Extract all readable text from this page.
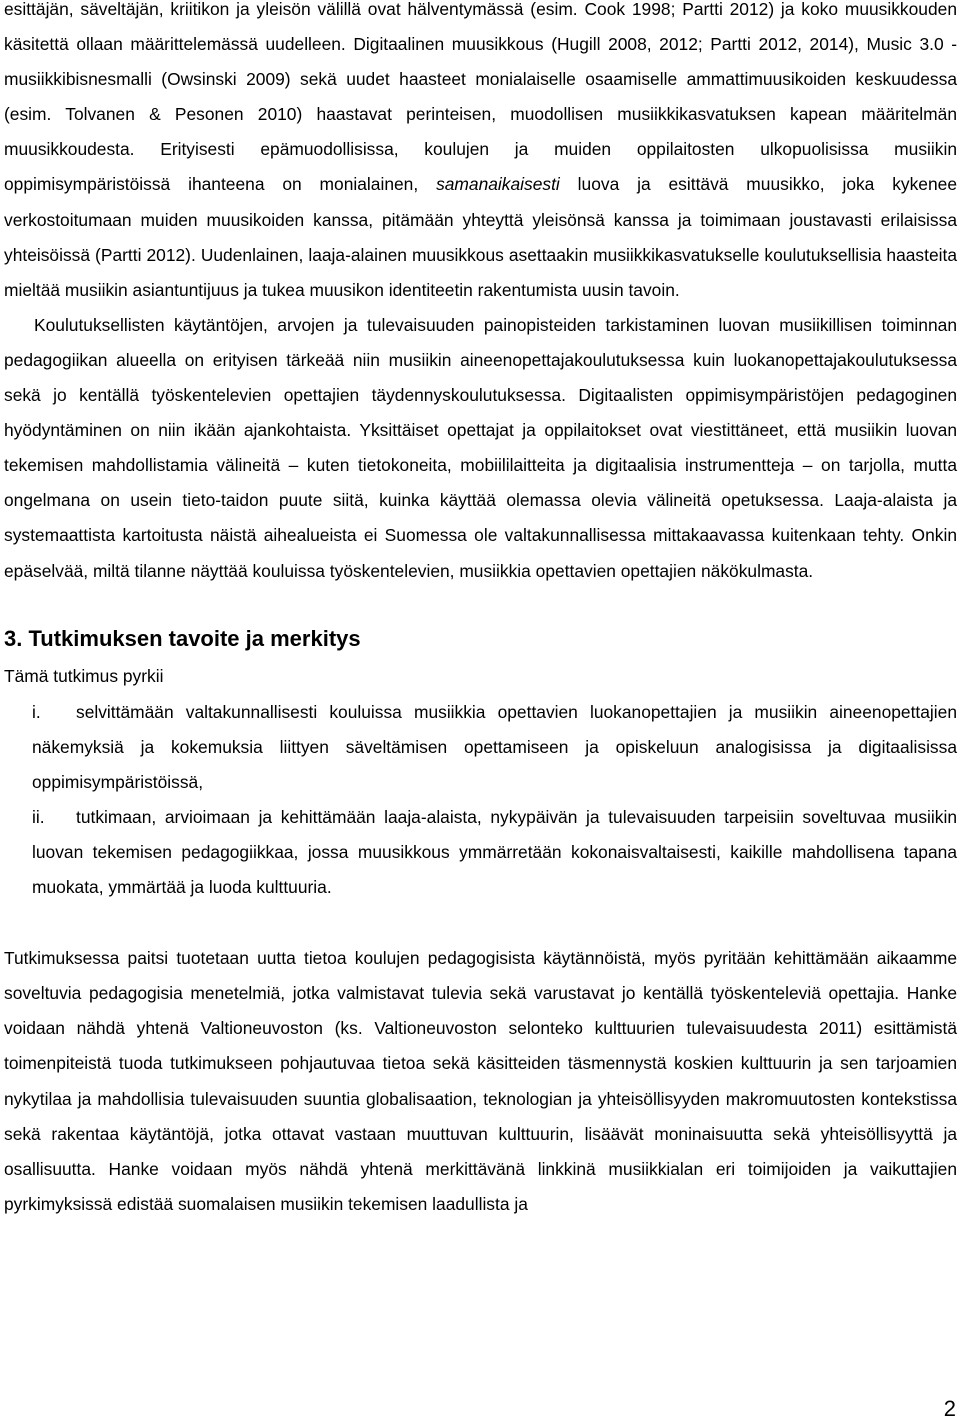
esittäjän, säveltäjän, kriitikon ja yleisön välillä ovat hälventymässä (esim. Cook 1998; Partti 2012) ja koko muusikkouden käsitettä ollaan määrittelemässä uudelleen. Digitaalinen muusikkous (Hugill 2008, 2012; Partti 2012, 2014), Music 3.0 -musiikkibisnesmalli (Owsinski 2009) sekä uudet haasteet monialaiselle osaamiselle ammattimuusikoiden keskuudessa (esim. Tolvanen & Pesonen 2010) haastavat perinteisen, muodollisen musiikkikasvatuksen kapean määritelmän muusikkoudesta. Erityisesti epämuodollisissa, koulujen ja muiden oppilaitosten ulkopuolisissa musiikin oppimisympäristöissä ihanteena on monialainen, samanaikaisesti luova ja esittävä muusikko, joka kykenee verkostoitumaan muiden muusikoiden kanssa, pitämään yhteyttä yleisönsä kanssa ja toimimaan joustavasti erilaisissa yhteisöissä (Partti 2012). Uudenlainen, laaja-alainen muusikkous asettaakin musiikkikasvatukselle koulutuksellisia haasteita mieltää musiikin asiantuntijuus ja tukea muusikon identiteetin rakentumista uusin tavoin.

Koulutuksellisten käytäntöjen, arvojen ja tulevaisuuden painopisteiden tarkistaminen luovan musiikillisen toiminnan pedagogiikan alueella on erityisen tärkeää niin musiikin aineenopettajakoulutuksessa kuin luokanopettajakoulutuksessa sekä jo kentällä työskentelevien opettajien täydennyskoulutuksessa. Digitaalisten oppimisympäristöjen pedagoginen hyödyntäminen on niin ikään ajankohtaista. Yksittäiset opettajat ja oppilaitokset ovat viestittäneet, että musiikin luovan tekemisen mahdollistamia välineitä – kuten tietokoneita, mobiililaitteita ja digitaalisia instrumentteja – on tarjolla, mutta ongelmana on usein tieto-taidon puute siitä, kuinka käyttää olemassa olevia välineitä opetuksessa. Laaja-alaista ja systemaattista kartoitusta näistä aihealueista ei Suomessa ole valtakunnallisessa mittakaavassa kuitenkaan tehty. Onkin epäselvää, miltä tilanne näyttää kouluissa työskentelevien, musiikkia opettavien opettajien näkökulmasta.

3. Tutkimuksen tavoite ja merkitys

Tämä tutkimus pyrkii

i.	selvittämään valtakunnallisesti kouluissa musiikkia opettavien luokanopettajien ja musiikin aineenopettajien näkemyksiä ja kokemuksia liittyen säveltämisen opettamiseen ja opiskeluun analogisissa ja digitaalisissa oppimisympäristöissä,
ii.	tutkimaan, arvioimaan ja kehittämään laaja-alaista, nykypäivän ja tulevaisuuden tarpeisiin soveltuvaa musiikin luovan tekemisen pedagogiikkaa, jossa muusikkous ymmärretään kokonaisvaltaisesti, kaikille mahdollisena tapana muokata, ymmärtää ja luoda kulttuuria.

Tutkimuksessa paitsi tuotetaan uutta tietoa koulujen pedagogisista käytännöistä, myös pyritään kehittämään aikaamme soveltuvia pedagogisia menetelmiä, jotka valmistavat tulevia sekä varustavat jo kentällä työskenteleviä opettajia. Hanke voidaan nähdä yhtenä Valtioneuvoston (ks. Valtioneuvoston selonteko kulttuurien tulevaisuudesta 2011) esittämistä toimenpiteistä tuoda tutkimukseen pohjautuvaa tietoa sekä käsitteiden täsmennystä koskien kulttuurin ja sen tarjoamien nykytilaa ja mahdollisia tulevaisuuden suuntia globalisaation, teknologian ja yhteisöllisyyden makromuutosten kontekstissa sekä rakentaa käytäntöjä, jotka ottavat vastaan muuttuvan kulttuurin, lisäävät moninaisuutta sekä yhteisöllisyyttä ja osallisuutta. Hanke voidaan myös nähdä yhtenä merkittävänä linkkinä musiikkialan eri toimijoiden ja vaikuttajien pyrkimyksissä edistää suomalaisen musiikin tekemisen laadullista ja

2
